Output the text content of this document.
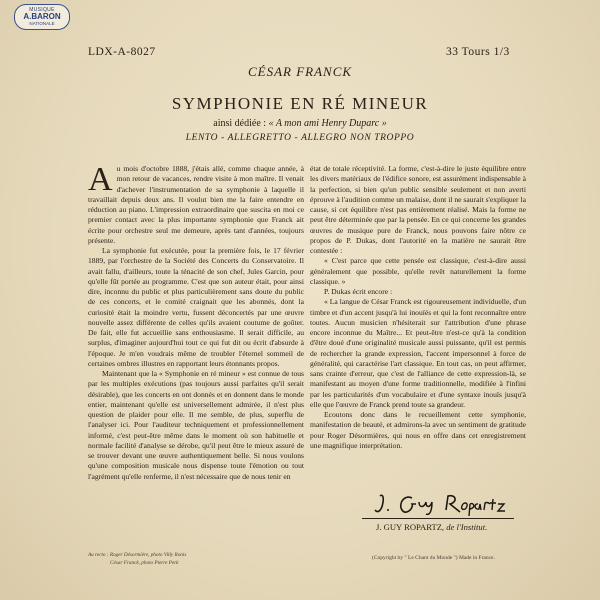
MUSIQUE
A.BARON
NATIONALE
LDX-A-8027	33 Tours 1/3
CÉSAR FRANCK
SYMPHONIE EN RÉ MINEUR
ainsi dédiée : « A mon ami Henry Duparc »
LENTO - ALLEGRETTO - ALLEGRO NON TROPPO

Au mois d'octobre 1888, j'étais allé, comme chaque année, à mon retour de vacances, rendre visite à mon maître. Il venait d'achever l'instrumentation de sa symphonie à laquelle il travaillait depuis deux ans. Il voulut bien me la faire entendre en réduction au piano. L'impression extraordinaire que suscita en moi ce premier contact avec la plus importante symphonie que Franck ait écrite pour orchestre seul me demeure, après tant d'années, toujours présente.

La symphonie fut exécutée, pour la première fois, le 17 février 1889, par l'orchestre de la Société des Concerts du Conservatoire. Il avait fallu, d'ailleurs, toute la ténacité de son chef, Jules Garcin, pour qu'elle fût portée au programme. C'est que son auteur était, pour ainsi dire, inconnu du public et plus particulièrement sans doute du public de ces concerts, et le comité craignait que les abonnés, dont la curiosité était la moindre vertu, fussent déconcertés par une œuvre nouvelle assez différente de celles qu'ils avaient coutume de goûter. De fait, elle fut accueillie sans enthousiasme. Il serait difficile, au surplus, d'imaginer aujourd'hui tout ce qui fut dit ou écrit d'absurde à l'époque. Je m'en voudrais même de troubler l'éternel sommeil de certaines ombres illustres en rapportant leurs étonnants propos.

Maintenant que la « Symphonie en ré mineur » est connue de tous par les multiples exécutions (pas toujours aussi parfaites qu'il serait désirable), que les concerts en ont donnés et en donnent dans le monde entier, maintenant qu'elle est universellement admirée, il n'est plus question de plaider pour elle. Il me semble, de plus, superflu de l'analyser ici. Pour l'auditeur techniquement et professionnellement informé, c'est peut-être même dans le moment où son habituelle et normale facilité d'analyse se dérobe, qu'il peut être le mieux assuré de se trouver devant une œuvre authentiquement belle. Si nous voulons qu'une composition musicale nous dispense toute l'émotion ou tout l'agrément qu'elle renferme, il n'est nécessaire que de nous tenir en

état de totale réceptivité. La forme, c'est-à-dire le juste équilibre entre les divers matériaux de l'édifice sonore, est assurément indispensable à la perfection, si bien qu'un public sensible seulement et non averti éprouve à l'audition comme un malaise, dont il ne saurait s'expliquer la cause, si cet équilibre n'est pas entièrement réalisé. Mais la forme ne peut être déterminée que par la pensée. En ce qui concerne les grandes œuvres de musique pure de Franck, nous pouvons faire nôtre ce propos de P. Dukas, dont l'autorité en la matière ne saurait être contestée :

« C'est parce que cette pensée est classique, c'est-à-dire aussi généralement que possible, qu'elle revêt naturellement la forme classique. »

P. Dukas écrit encore :

« La langue de César Franck est rigoureusement individuelle, d'un timbre et d'un accent jusqu'à lui inouïés et qui la font reconnaître entre toutes. Aucun musicien n'hésiterait sur l'attribution d'une phrase encore inconnue du Maître... Et peut-être n'est-ce qu'à la condition d'être doué d'une originalité musicale aussi puissante, qu'il est permis de rechercher la grande expression, l'accent impersonnel à force de généralité, qui caractérise l'art classique. En tout cas, on peut affirmer, sans crainte d'erreur, que c'est de l'alliance de cette expression-là, se manifestant au moyen d'une forme traditionnelle, modifiée à l'infini par les particularités d'un vocabulaire et d'une syntaxe inouïs jusqu'à elle que l'œuvre de Franck prend toute sa grandeur.

Ecoutons donc dans le recueillement cette symphonie, manifestation de beauté, et admirons-la avec un sentiment de gratitude pour Roger Désormières, qui nous en offre dans cet enregistrement une magnifique interprétation.

J. GUY ROPARTZ, de l'Institut.
Au recto : Roger Désormière, photo Villy Ronis
César Franck, photo Pierre Petit
(Copyright by " Le Chant du Monde ") Made in France.
